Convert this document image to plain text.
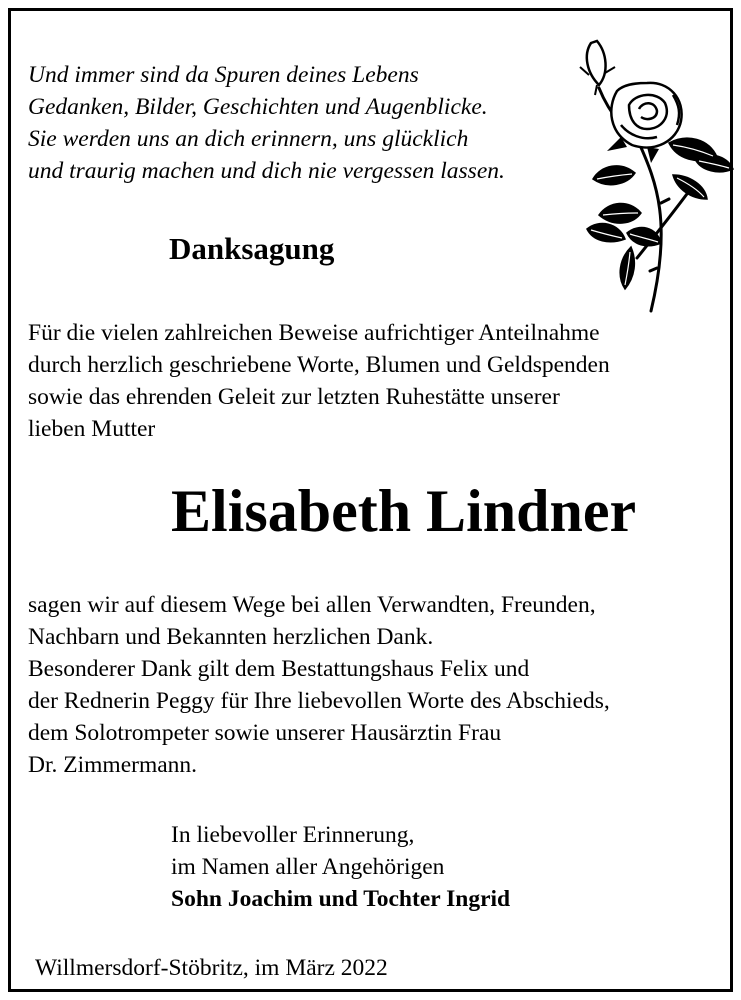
Und immer sind da Spuren deines Lebens
Gedanken, Bilder, Geschichten und Augenblicke.
Sie werden uns an dich erinnern, uns glücklich
und traurig machen und dich nie vergessen lassen.
Danksagung
Für die vielen zahlreichen Beweise aufrichtiger Anteilnahme
durch herzlich geschriebene Worte, Blumen und Geldspenden
sowie das ehrenden Geleit zur letzten Ruhestätte unserer
lieben Mutter
Elisabeth Lindner
sagen wir auf diesem Wege bei allen Verwandten, Freunden,
Nachbarn und Bekannten herzlichen Dank.
Besonderer Dank gilt dem Bestattungshaus Felix und
der Rednerin Peggy für Ihre liebevollen Worte des Abschieds,
dem Solotrompeter sowie unserer Hausärztin Frau
Dr. Zimmermann.
In liebevoller Erinnerung,
im Namen aller Angehörigen
Sohn Joachim und Tochter Ingrid
Willmersdorf-Stöbritz, im März 2022
